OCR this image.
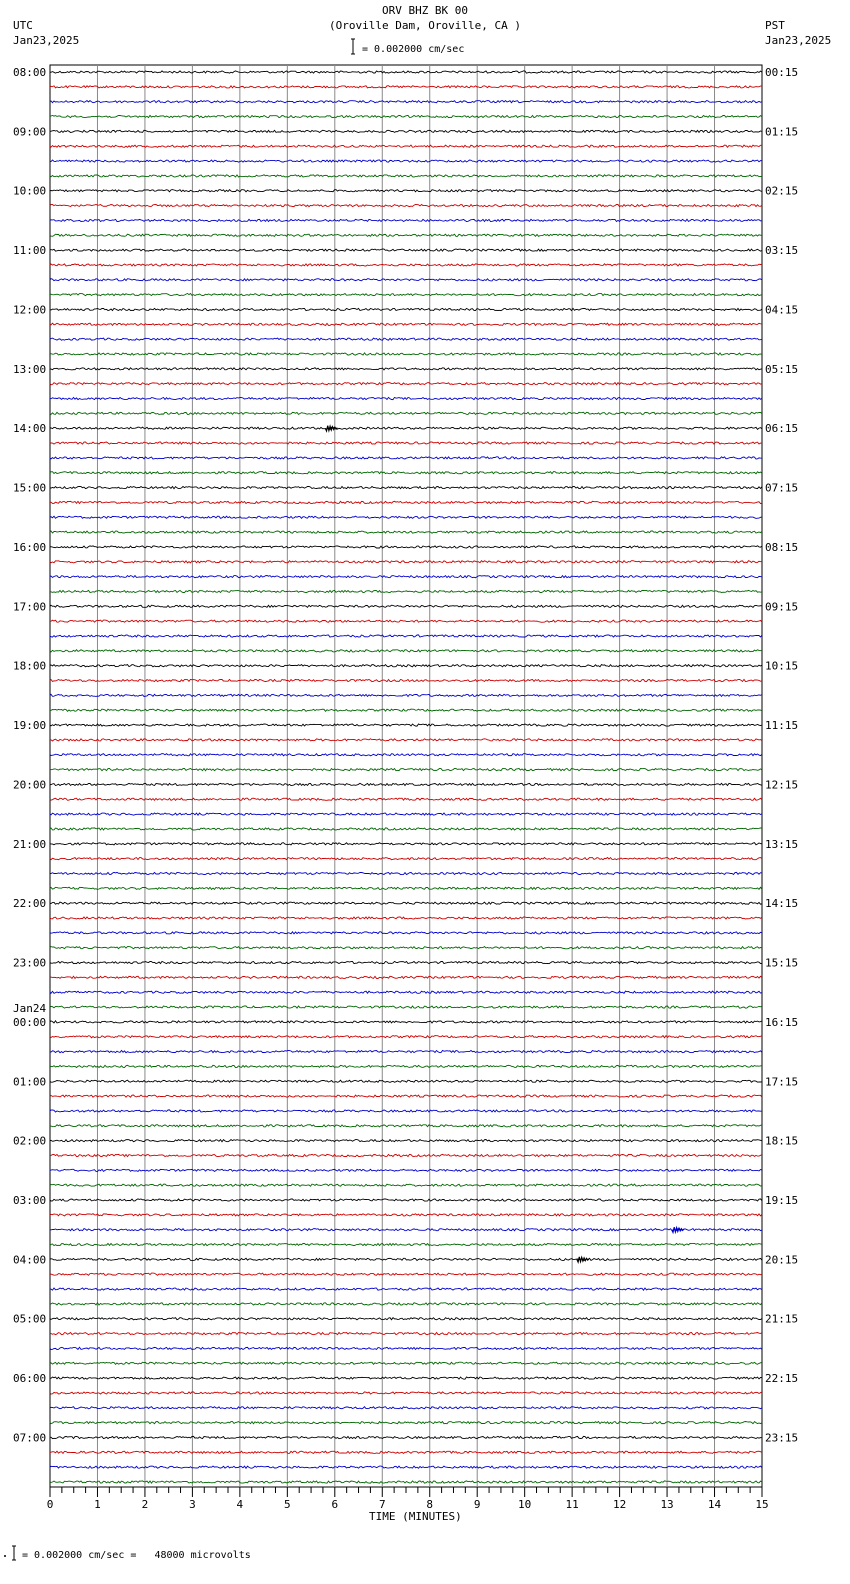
ORV BHZ BK 00
(Oroville Dam, Oroville, CA )
UTC
Jan23,2025
PST
Jan23,2025
= 0.002000 cm/sec
= 0.002000 cm/sec =   48000 microvolts
TIME (MINUTES)
08:00	00:15
09:00	01:15
10:00	02:15
11:00	03:15
12:00	04:15
13:00	05:15
14:00	06:15
15:00	07:15
16:00	08:15
17:00	09:15
18:00	10:15
19:00	11:15
20:00	12:15
21:00	13:15
22:00	14:15
23:00	15:15
00:00	16:15
01:00	17:15
02:00	18:15
03:00	19:15
04:00	20:15
05:00	21:15
06:00	22:15
07:00	23:15
Jan24
0	1	2	3	4	5	6	7	8	9	10	11	12	13	14	15
